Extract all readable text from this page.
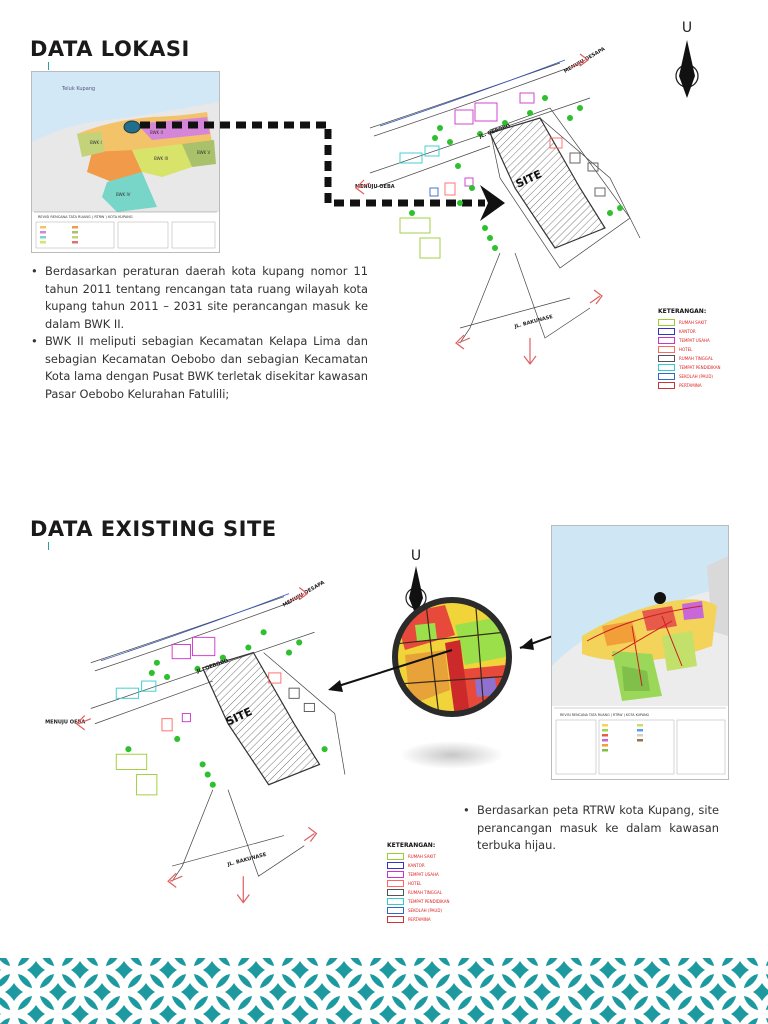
DATA LOKASI
Teluk Kupang
BWK I
BWK II
BWK III
BWK IV
BWK V
REVISI RENCANA TATA RUANG ( RTRW ) KOTA KUPANG
SITE
JL. OEBOBO
MENUJU OESAPA
MENUJU OEBA
JL. BAKUNASE
U
KETERANGAN:
RUMAH SAKIT
KANTOR
TEMPAT USAHA
HOTEL
RUMAH TINGGAL
TEMPAT PENDIDIKAN
SEKOLAH (PAUD)
PERTAMINA
• Berdasarkan peraturan daerah kota kupang nomor 11 tahun 2011 tentang rencangan tata ruang wilayah kota kupang tahun 2011 – 2031 site perancangan masuk ke dalam BWK II.
• BWK II meliputi sebagian Kecamatan Kelapa Lima dan sebagian Kecamatan Oebobo dan sebagian Kecamatan Kota lama dengan Pusat BWK terletak disekitar kawasan Pasar Oebobo Kelurahan Fatulili;
DATA EXISTING SITE
SITE
JL. OEBOBO
MENUJU OESAPA
MENUJU OEBA
JL. BAKUNASE
U
REVISI RENCANA TATA RUANG ( RTRW ) KOTA KUPANG
KETERANGAN:
RUMAH SAKIT
KANTOR
TEMPAT USAHA
HOTEL
RUMAH TINGGAL
TEMPAT PENDIDIKAN
SEKOLAH (PAUD)
PERTAMINA
• Berdasarkan peta RTRW kota Kupang, site perancangan masuk ke dalam kawasan terbuka hijau.
